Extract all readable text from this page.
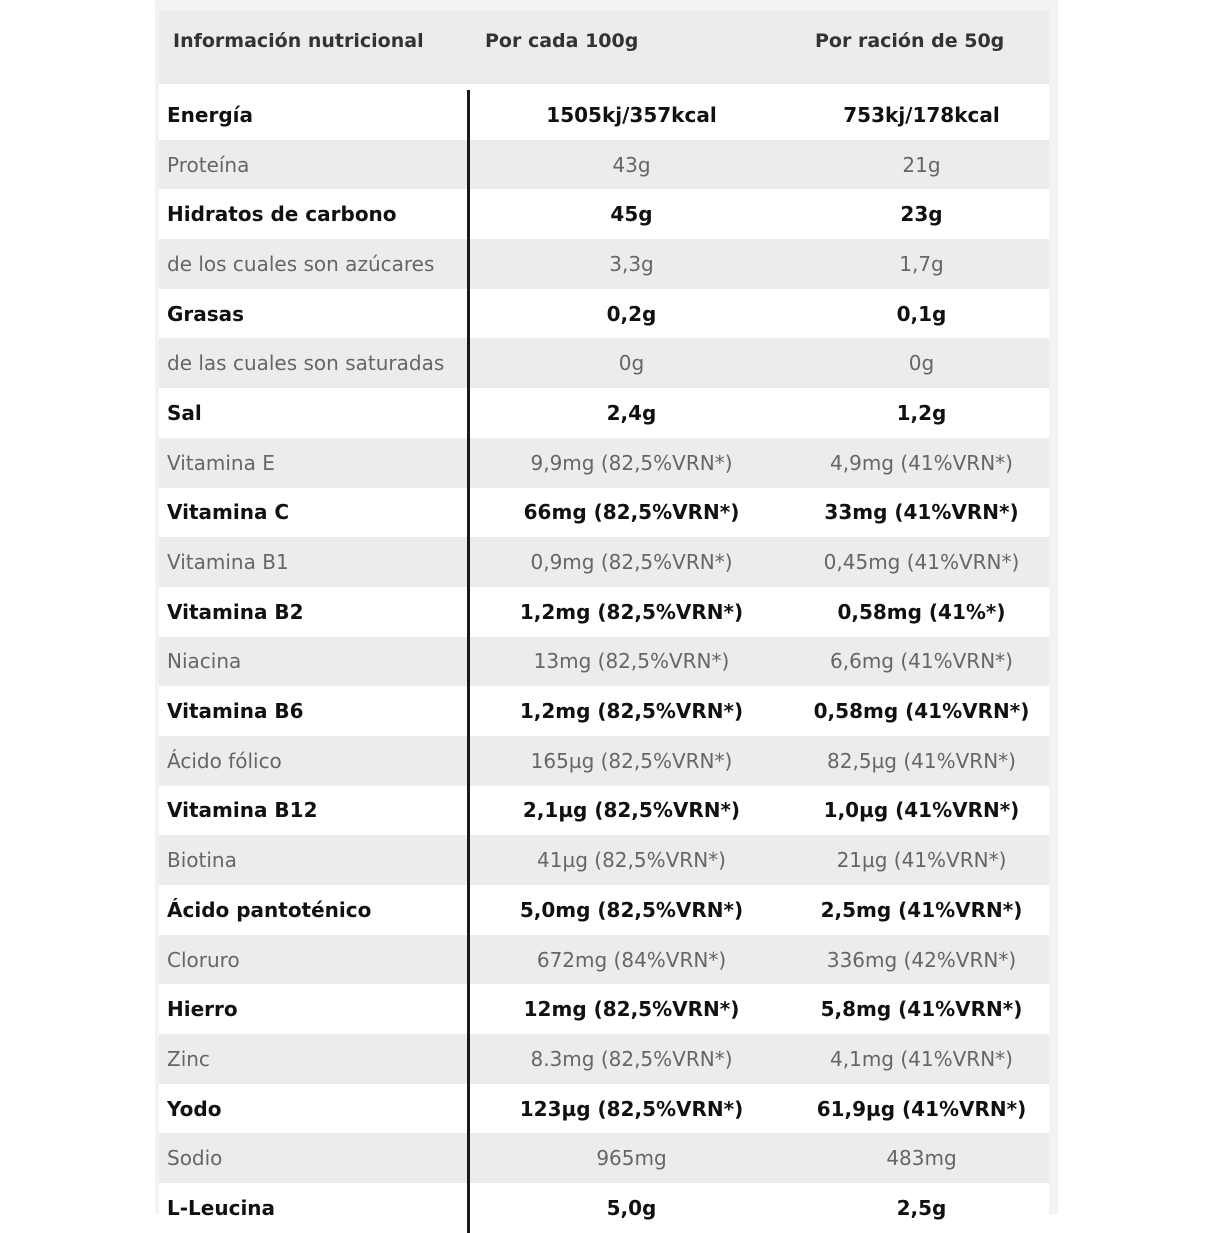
Información nutricional	Por cada 100g	Por ración de 50g
Energía	1505kj/357kcal	753kj/178kcal
Proteína	43g	21g
Hidratos de carbono	45g	23g
de los cuales son azúcares	3,3g	1,7g
Grasas	0,2g	0,1g
de las cuales son saturadas	0g	0g
Sal	2,4g	1,2g
Vitamina E	9,9mg (82,5%VRN*)	4,9mg (41%VRN*)
Vitamina C	66mg (82,5%VRN*)	33mg (41%VRN*)
Vitamina B1	0,9mg (82,5%VRN*)	0,45mg (41%VRN*)
Vitamina B2	1,2mg (82,5%VRN*)	0,58mg (41%*)
Niacina	13mg (82,5%VRN*)	6,6mg (41%VRN*)
Vitamina B6	1,2mg (82,5%VRN*)	0,58mg (41%VRN*)
Ácido fólico	165µg (82,5%VRN*)	82,5µg (41%VRN*)
Vitamina B12	2,1µg (82,5%VRN*)	1,0µg (41%VRN*)
Biotina	41µg (82,5%VRN*)	21µg (41%VRN*)
Ácido pantoténico	5,0mg (82,5%VRN*)	2,5mg (41%VRN*)
Cloruro	672mg (84%VRN*)	336mg (42%VRN*)
Hierro	12mg (82,5%VRN*)	5,8mg (41%VRN*)
Zinc	8.3mg (82,5%VRN*)	4,1mg (41%VRN*)
Yodo	123µg (82,5%VRN*)	61,9µg (41%VRN*)
Sodio	965mg	483mg
L-Leucina	5,0g	2,5g
